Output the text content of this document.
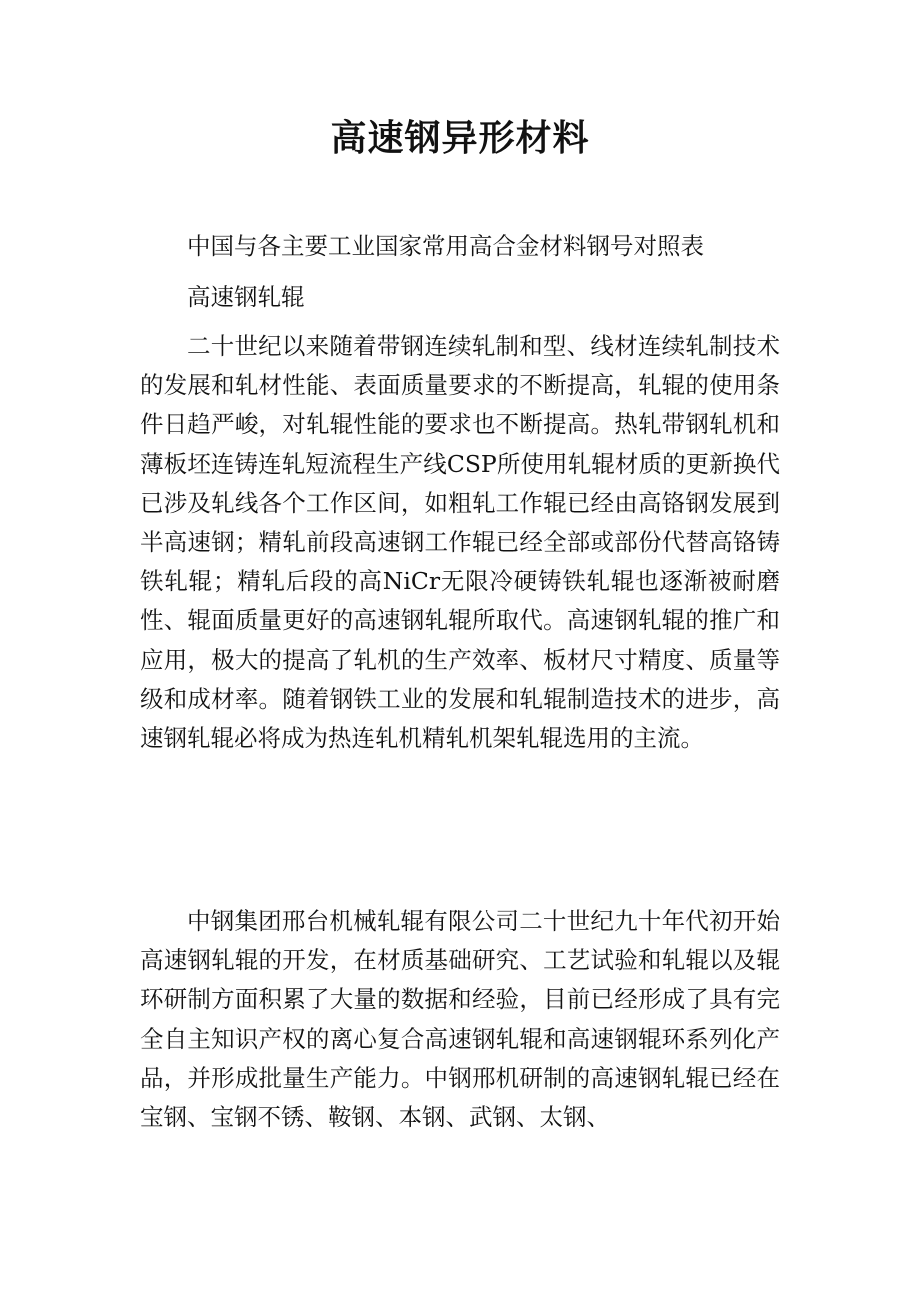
高速钢异形材料

中国与各主要工业国家常用高合金材料钢号对照表

高速钢轧辊

二十世纪以来随着带钢连续轧制和型、线材连续轧制技术的发展和轧材性能、表面质量要求的不断提高，轧辊的使用条件日趋严峻，对轧辊性能的要求也不断提高。热轧带钢轧机和薄板坯连铸连轧短流程生产线CSP所使用轧辊材质的更新换代已涉及轧线各个工作区间，如粗轧工作辊已经由高铬钢发展到半高速钢；精轧前段高速钢工作辊已经全部或部份代替高铬铸铁轧辊；精轧后段的高NiCr无限冷硬铸铁轧辊也逐渐被耐磨性、辊面质量更好的高速钢轧辊所取代。高速钢轧辊的推广和应用，极大的提高了轧机的生产效率、板材尺寸精度、质量等级和成材率。随着钢铁工业的发展和轧辊制造技术的进步，高速钢轧辊必将成为热连轧机精轧机架轧辊选用的主流。

中钢集团邢台机械轧辊有限公司二十世纪九十年代初开始高速钢轧辊的开发，在材质基础研究、工艺试验和轧辊以及辊环研制方面积累了大量的数据和经验，目前已经形成了具有完全自主知识产权的离心复合高速钢轧辊和高速钢辊环系列化产品，并形成批量生产能力。中钢邢机研制的高速钢轧辊已经在宝钢、宝钢不锈、鞍钢、本钢、武钢、太钢、
